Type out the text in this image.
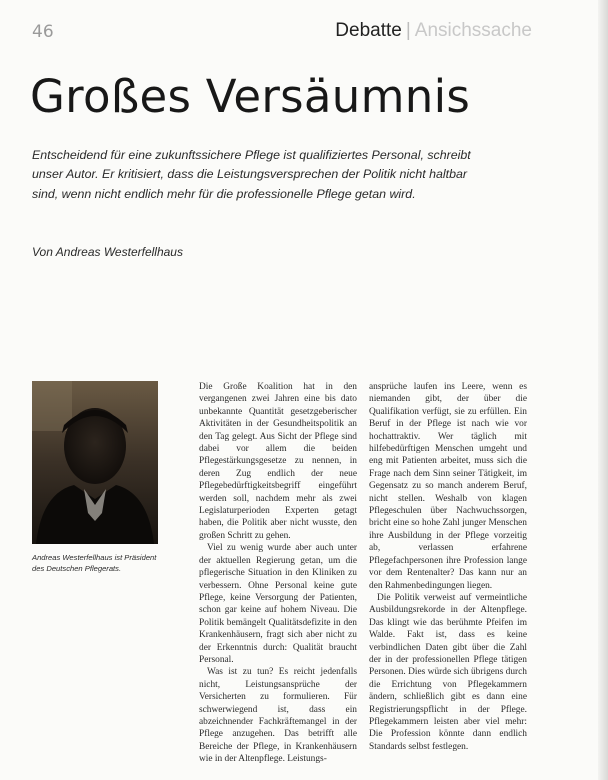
46	Debatte | Ansichssache
Großes Versäumnis

Entscheidend für eine zukunftssichere Pflege ist qualifiziertes Personal, schreibt unser Autor. Er kritisiert, dass die Leistungsversprechen der Politik nicht haltbar sind, wenn nicht endlich mehr für die professionelle Pflege getan wird.

Von Andreas Westerfellhaus

Andreas Westerfellhaus ist Präsident des Deutschen Pflegerats.

Die Große Koalition hat in den vergangenen zwei Jahren eine bis dato unbekannte Quantität gesetzgeberischer Aktivitäten in der Gesundheitspolitik an den Tag gelegt. Aus Sicht der Pflege sind dabei vor allem die beiden Pflegestärkungsgesetze zu nennen, in deren Zug endlich der neue Pflegebedürftigkeitsbegriff eingeführt werden soll, nachdem mehr als zwei Legislaturperioden Experten getagt haben, die Politik aber nicht wusste, den großen Schritt zu gehen.

Viel zu wenig wurde aber auch unter der aktuellen Regierung getan, um die pflegerische Situation in den Kliniken zu verbessern. Ohne Personal keine gute Pflege, keine Versorgung der Patienten, schon gar keine auf hohem Niveau. Die Politik bemängelt Qualitätsdefizite in den Krankenhäusern, fragt sich aber nicht zu der Erkenntnis durch: Qualität braucht Personal.

Was ist zu tun? Es reicht jedenfalls nicht, Leistungsansprüche der Versicherten zu formulieren. Für schwerwiegend ist, dass ein abzeichnender Fachkräftemangel in der Pflege anzugehen. Das betrifft alle Bereiche der Pflege, in Krankenhäusern wie in der Altenpflege. Leistungs-

ansprüche laufen ins Leere, wenn es niemanden gibt, der über die Qualifikation verfügt, sie zu erfüllen. Ein Beruf in der Pflege ist nach wie vor hochattraktiv. Wer täglich mit hilfebedürftigen Menschen umgeht und eng mit Patienten arbeitet, muss sich die Frage nach dem Sinn seiner Tätigkeit, im Gegensatz zu so manch anderem Beruf, nicht stellen. Weshalb von klagen Pflegeschulen über Nachwuchssorgen, bricht eine so hohe Zahl junger Menschen ihre Ausbildung in der Pflege vorzeitig ab, verlassen erfahrene Pflegefachpersonen ihre Profession lange vor dem Rentenalter? Das kann nur an den Rahmenbedingungen liegen.

Die Politik verweist auf vermeintliche Ausbildungsrekorde in der Altenpflege. Das klingt wie das berühmte Pfeifen im Walde. Fakt ist, dass es keine verbindlichen Daten gibt über die Zahl der in der professionellen Pflege tätigen Personen. Dies würde sich übrigens durch die Errichtung von Pflegekammern ändern, schließlich gibt es dann eine Registrierungspflicht in der Pflege. Pflegekammern leisten aber viel mehr: Die Profession könnte dann endlich Standards selbst festlegen.
